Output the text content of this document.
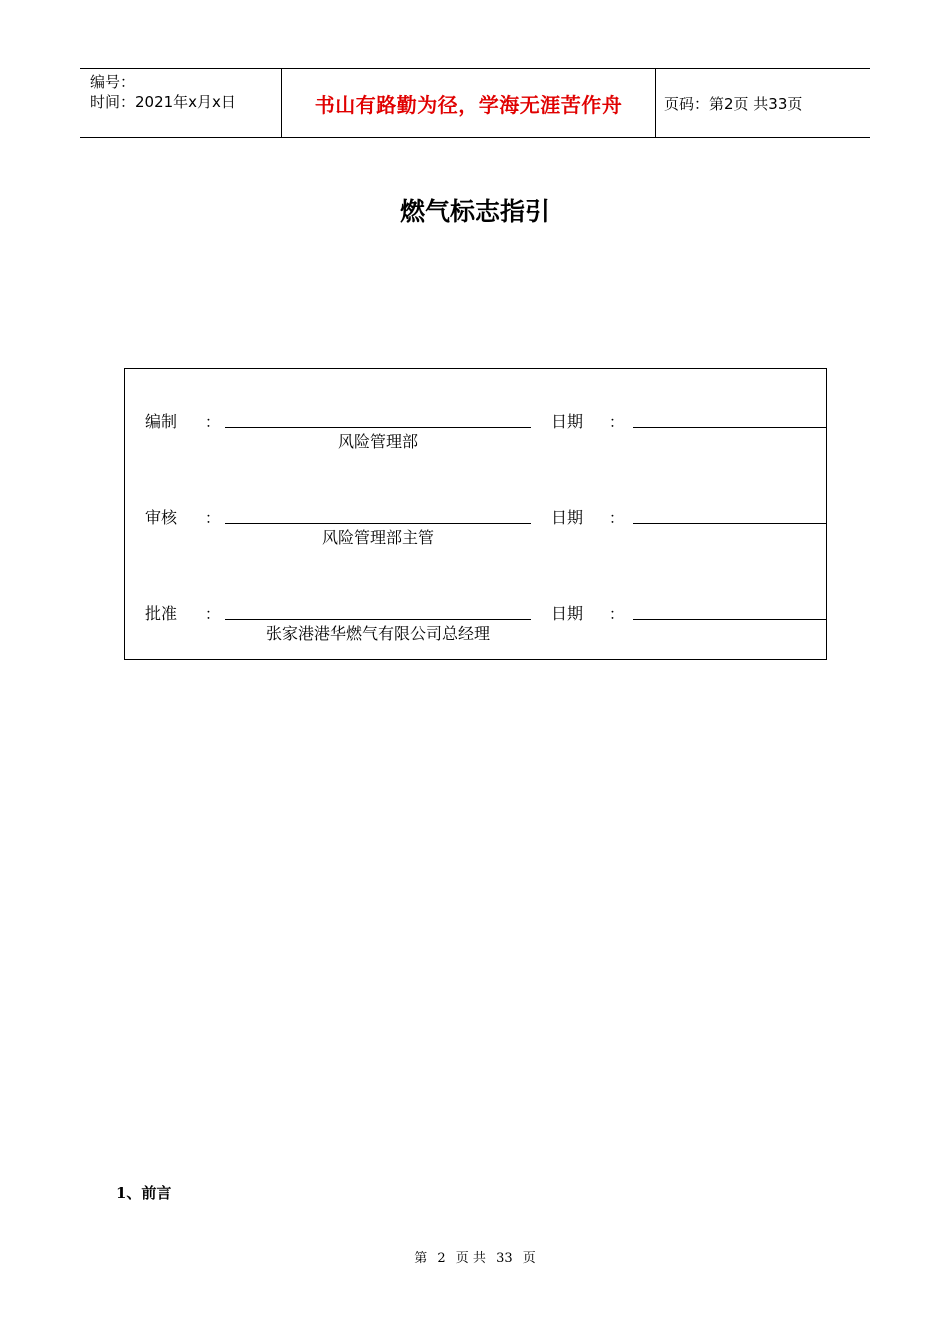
编号：
时间：2021年x月x日	书山有路勤为径，学海无涯苦作舟	页码：第2页 共33页
燃气标志指引
编制 ：
风险管理部
日期 ：
审核 ：
风险管理部主管
日期 ：
批准 ：
张家港港华燃气有限公司总经理
日期 ：
1、前言
第 2 页 共 33 页
